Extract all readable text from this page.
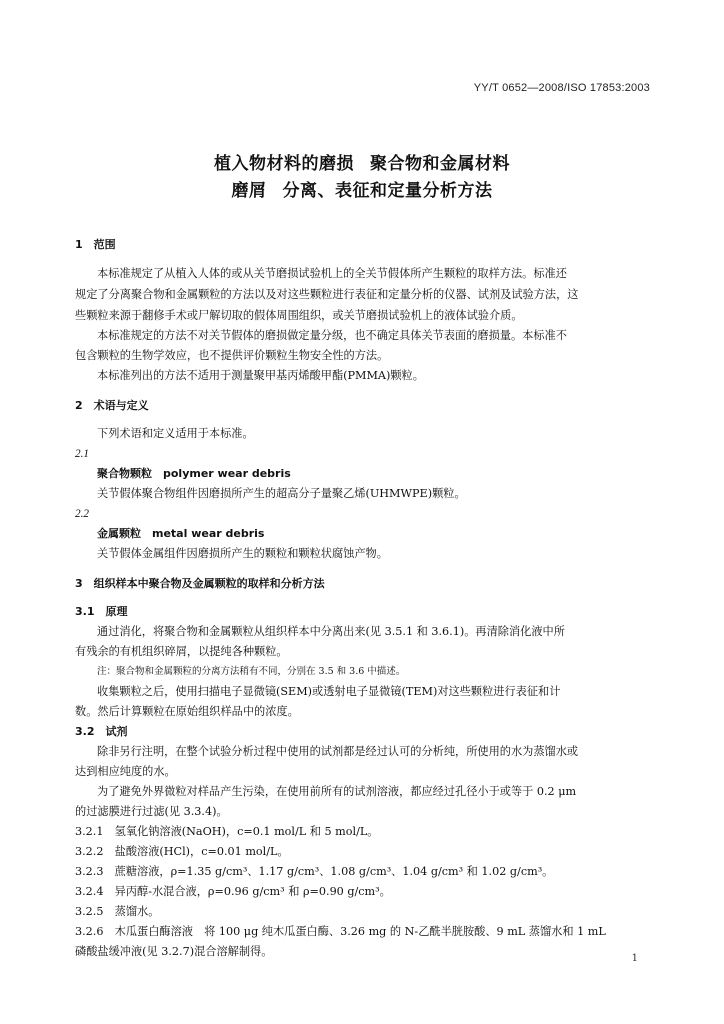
YY/T 0652—2008/ISO 17853:2003
植入物材料的磨损 聚合物和金属材料
磨屑 分离、表征和定量分析方法
1　范围
本标准规定了从植入人体的或从关节磨损试验机上的全关节假体所产生颗粒的取样方法。标准还
规定了分离聚合物和金属颗粒的方法以及对这些颗粒进行表征和定量分析的仪器、试剂及试验方法，这
些颗粒来源于翻修手术或尸解切取的假体周围组织，或关节磨损试验机上的液体试验介质。
本标准规定的方法不对关节假体的磨损做定量分级，也不确定具体关节表面的磨损量。本标准不
包含颗粒的生物学效应，也不提供评价颗粒生物安全性的方法。
本标准列出的方法不适用于测量聚甲基丙烯酸甲酯(PMMA)颗粒。
2　术语与定义
下列术语和定义适用于本标准。
2.1
聚合物颗粒　polymer wear debris
关节假体聚合物组件因磨损所产生的超高分子量聚乙烯(UHMWPE)颗粒。
2.2
金属颗粒　metal wear debris
关节假体金属组件因磨损所产生的颗粒和颗粒状腐蚀产物。
3　组织样本中聚合物及金属颗粒的取样和分析方法
3.1　原理
通过消化，将聚合物和金属颗粒从组织样本中分离出来(见 3.5.1 和 3.6.1)。再清除消化液中所
有残余的有机组织碎屑，以提纯各种颗粒。
注：聚合物和金属颗粒的分离方法稍有不同，分别在 3.5 和 3.6 中描述。
收集颗粒之后，使用扫描电子显微镜(SEM)或透射电子显微镜(TEM)对这些颗粒进行表征和计
数。然后计算颗粒在原始组织样品中的浓度。
3.2　试剂
除非另行注明，在整个试验分析过程中使用的试剂都是经过认可的分析纯，所使用的水为蒸馏水或
达到相应纯度的水。
为了避免外界微粒对样品产生污染，在使用前所有的试剂溶液，都应经过孔径小于或等于 0.2 μm
的过滤膜进行过滤(见 3.3.4)。
3.2.1　氢氧化钠溶液(NaOH)，c=0.1 mol/L 和 5 mol/L。
3.2.2　盐酸溶液(HCl)，c=0.01 mol/L。
3.2.3　蔗糖溶液，ρ=1.35 g/cm³、1.17 g/cm³、1.08 g/cm³、1.04 g/cm³ 和 1.02 g/cm³。
3.2.4　异丙醇-水混合液，ρ=0.96 g/cm³ 和 ρ=0.90 g/cm³。
3.2.5　蒸馏水。
3.2.6　木瓜蛋白酶溶液　将 100 μg 纯木瓜蛋白酶、3.26 mg 的 N-乙酰半胱胺酸、9 mL 蒸馏水和 1 mL
磷酸盐缓冲液(见 3.2.7)混合溶解制得。
1
